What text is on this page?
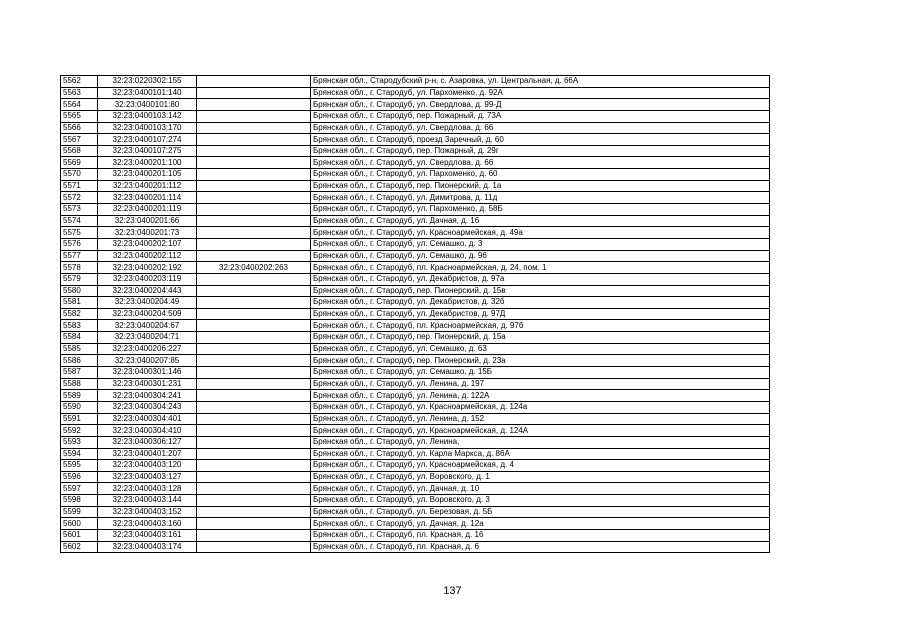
5562	32:23:0220302:155		Брянская обл., Стародубский р-н, с. Азаровка, ул. Центральная, д. 66А
5563	32:23:0400101:140		Брянская обл., г. Стародуб, ул. Пархоменко, д. 92А
5564	32:23:0400101:80		Брянская обл., г. Стародуб, ул. Свердлова, д. 99-Д
5565	32:23:0400103:142		Брянская обл., г. Стародуб, пер. Пожарный, д. 73А
5566	32:23:0400103:170		Брянская обл., г. Стародуб, ул. Свердлова, д. 66
5567	32:23:0400107:274		Брянская обл., г. Стародуб, проезд Заречный, д. 60
5568	32:23:0400107:275		Брянская обл., г. Стародуб, пер. Пожарный, д. 29г
5569	32:23:0400201:100		Брянская обл., г. Стародуб, ул. Свердлова, д. 66
5570	32:23:0400201:105		Брянская обл., г. Стародуб, ул. Пархоменко, д. 60
5571	32:23:0400201:112		Брянская обл., г. Стародуб, пер. Пионерский, д. 1а
5572	32:23:0400201:114		Брянская обл., г. Стародуб, ул. Димитрова, д. 11д
5573	32:23:0400201:119		Брянская обл., г. Стародуб, ул. Пархоменко, д. 58Б
5574	32:23:0400201:66		Брянская обл., г. Стародуб, ул. Дачная, д. 16
5575	32:23:0400201:73		Брянская обл., г. Стародуб, ул. Красноармейская, д. 49а
5576	32:23:0400202:107		Брянская обл., г. Стародуб, ул. Семашко, д. 3
5577	32:23:0400202:112		Брянская обл., г. Стародуб, ул. Семашко, д. 96
5578	32:23:0400202:192	32:23:0400202:263	Брянская обл., г. Стародуб, пл. Красноармейская, д. 24, пом. 1
5579	32:23:0400203:119		Брянская обл., г. Стародуб, ул. Декабристов, д. 97а
5580	32:23:0400204:443		Брянская обл., г. Стародуб, пер. Пионерский, д. 15в
5581	32:23:0400204:49		Брянская обл., г. Стародуб, ул. Декабристов, д. 32б
5582	32:23:0400204:509		Брянская обл., г. Стародуб, ул. Декабристов, д. 97Д
5583	32:23:0400204:67		Брянская обл., г. Стародуб, пл. Красноармейская, д. 97б
5584	32:23:0400204:71		Брянская обл., г. Стародуб, пер. Пионерский, д. 15а
5585	32:23:0400206:227		Брянская обл., г. Стародуб, ул. Семашко, д. 63
5586	32:23:0400207:85		Брянская обл., г. Стародуб, пер. Пионерский, д. 23а
5587	32:23:0400301:146		Брянская обл., г. Стародуб, ул. Семашко, д. 15Б
5588	32:23:0400301:231		Брянская обл., г. Стародуб, ул. Ленина, д. 197
5589	32:23:0400304:241		Брянская обл., г. Стародуб, ул. Ленина, д. 122А
5590	32:23:0400304:243		Брянская обл., г. Стародуб, ул. Красноармейская, д. 124а
5591	32:23:0400304:401		Брянская обл., г. Стародуб, ул. Ленина, д. 152
5592	32:23:0400304:410		Брянская обл., г. Стародуб, ул. Красноармейская, д. 124А
5593	32:23:0400306:127		Брянская обл., г. Стародуб, ул. Ленина,
5594	32:23:0400401:207		Брянская обл., г. Стародуб, ул. Карла Маркса, д. 86А
5595	32:23:0400403:120		Брянская обл., г. Стародуб, ул. Красноармейская, д. 4
5596	32:23:0400403:127		Брянская обл., г. Стародуб, ул. Воровского, д. 1
5597	32:23:0400403:128		Брянская обл., г. Стародуб, ул. Дачная, д. 10
5598	32:23:0400403:144		Брянская обл., г. Стародуб, ул. Воровского, д. 3
5599	32:23:0400403:152		Брянская обл., г. Стародуб, ул. Березовая, д. 5Б
5600	32:23:0400403:160		Брянская обл., г. Стародуб, ул. Дачная, д. 12а
5601	32:23:0400403:161		Брянская обл., г. Стародуб, пл. Красная, д. 16
5602	32:23:0400403:174		Брянская обл., г. Стародуб, пл. Красная, д. 6
137
